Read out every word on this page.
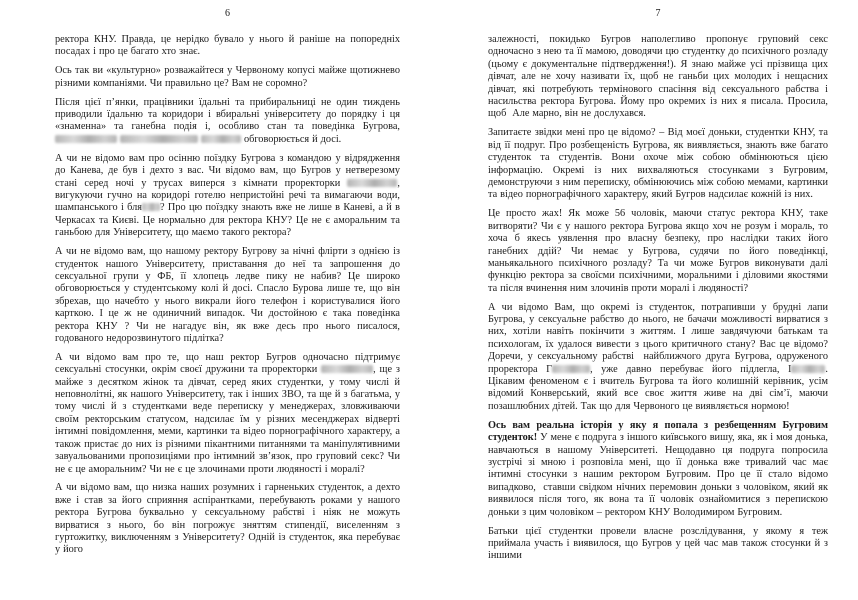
6
ректора КНУ. Правда, це нерідко бувало у нього й раніше на попоредніх посадах і про це багато хто знає.
Ось так ви «культурно» розважайтеся у Червоному копусі майже щотижнево різними компаніями. Чи правильно це? Вам не соромно?
Після цієї п’янки, працівники їдальні та прибиральниці не один тиждень приводили їдальню та коридори і вбиральні університету до порядку і ця «знаменна» та ганебна подія і, особливо стан та поведінка Бугрова,    обговорюється й досі.
А чи не відомо вам про осінню поїздку Бугрова з командою у відрядження до Канева, де був і дехто з вас. Чи відомо вам, що Бугров у нетверезому стані серед ночі у трусах виперся з кімнати проректорки	, вигукуючи гучно на коридорі готелю непристойні речі та вимагаючи води, шампанського і бля ? Про цю поїздку знають вже не лише в Каневі, а й в Черкасах та Києві. Це нормально для ректора КНУ? Це не є аморальним та ганьбою для Університету, що маємо такого ректора?
А чи не відомо вам, що нашому ректору Бугрову за нічні флірти з однією із студенток нашого Університету, приставання до неї та запрошення до сексуальної групи у ФБ, її хлопець ледве пику не набив? Це широко обговорюється у студентському колі й досі. Спасло Бурова лише те, що він збрехав, що начебто у нього викрали його телефон і користувалися його карткою. І це ж не одиничний випадок. Чи достойною є така поведінка ректора КНУ ? Чи не нагадує він, як вже десь про нього писалося, годованого недорозвинутого підлітка?
А чи відомо вам про те, що наш ректор Бугров одночасно підтримує сексуальні стосунки, окрім своєї дружини та проректорки	, ще з майже з десятком жінок та дівчат, серед яких студентки, у тому числі й неповнолітні, як нашого Університету, так і інших ЗВО, та ще й з багатьма, у тому числі й з студентками веде переписку у менеджерах, зловживаючи своїм ректорським статусом, надсилає їм у різних месенджерах відверті інтимні повідомлення, меми, картинки та відео порнографічного характеру, а також пристає до них із різними пікантними питаннями та маніпулятивними завуальованими пропозиціями про інтимний зв’язок, про груповий секс? Чи не є це аморальним? Чи не є це злочинами проти людяності і моралі?
А чи відомо вам, що низка наших розумних і гарненьких студенток, а дехто вже і став за його сприяння аспірантками, перебувають роками у нашого ректора Бугрова буквально у сексуальному рабстві і ніяк не можуть вирватися з нього, бо він погрожує зняттям стипендії, виселенням з гуртожитку, виключенням з Університету? Одній із студенток, яка перебуває у його
7
залежності, покидько Бугров наполегливо пропонує груповий секс одночасно з нею та її мамою, доводячи цю студентку до психічного розладу (цьому є документальне підтвердження!). Я знаю майже усі прізвища цих дівчат, але не хочу називати їх, щоб не ганьби цих молодих і нещасних дівчат, які потребують термінового спасіння від сексуального рабства і насильства ректора Бугрова. Йому про окремих із них я писала. Просила, щоб  Але марно, він не дослухався.
Запитаєте звідки мені про це відомо? – Від моєї доньки, студентки КНУ, та від її подруг. Про розбещеність Бугрова, як виявляється, знають вже багато студенток та студентів. Вони охоче між собою обмінюються цією інформацію. Окремі із них вихваляються стосунками з Бугровим, демонструючи з ним переписку, обмінюючись між собою мемами, картинки та відео порнографічного характеру, який Бугров надсилає кожній із них.
Це просто жах! Як може 56 чоловік, маючи статус ректора КНУ, таке витворяти? Чи є у нашого ректора Бугрова якщо хоч не розум і мораль, то хоча б якесь уявлення про власну безпеку, про наслідки таких його ганебних ддій? Чи немає у Бугрова, судячи по його поведінкці, маньякального психічного розладу? Та чи може Бугров виконувати далі функцію ректора за своїсми психічними, моральними і діловими якостями та після вчинення ним злочинів проти моралі і людяності?
А чи відомо Вам, що окремі із студенток, потрапивши у брудні лапи Бугрова, у сексуальне рабство до нього, не бачачи можливості вирватися з них, хотіли навіть покінчити з життям. І лише завдячуючи батькам та психологам, їх удалося вивести з цього критичного стану? Вас це відомо? Доречи, у сексуальному рабстві  найближчого друга Бугрова, одруженого проректора Г	, уже давно перебуває його підлегла, І	. Цікавим феноменом є і вчитель Бугрова та його колишній керівник, усім відомий Конверський, який все своє життя живе на дві сім’ї, маючи позашлюбних дітей. Так що для Червоного це виявляється нормою!
Ось вам реальна історія у яку я попала з резбещенням Бугровим студенток! У мене є подруга з іншого київського вишу, яка, як і моя донька, навчаються в нашому Університеті. Нещодавно ця подруга попросила зустрічі зі мною і розповіла мені, що її донька вже тривалий час має інтимні стосунки з нашим ректором Бугровим. Про це її стало відомо випадково,  ставши свідком нічних перемовин доньки з чоловіком, який як виявилося після того, як вона та її чоловік ознайомитися з перепискою доньки з цим чоловіком – ректором КНУ Володимиром Бугровим.
Батьки цієї студентки провели власне розслідування, у якому я теж приймала участь і виявилося, що Бугров у цей час мав також стосунки й з іншими
